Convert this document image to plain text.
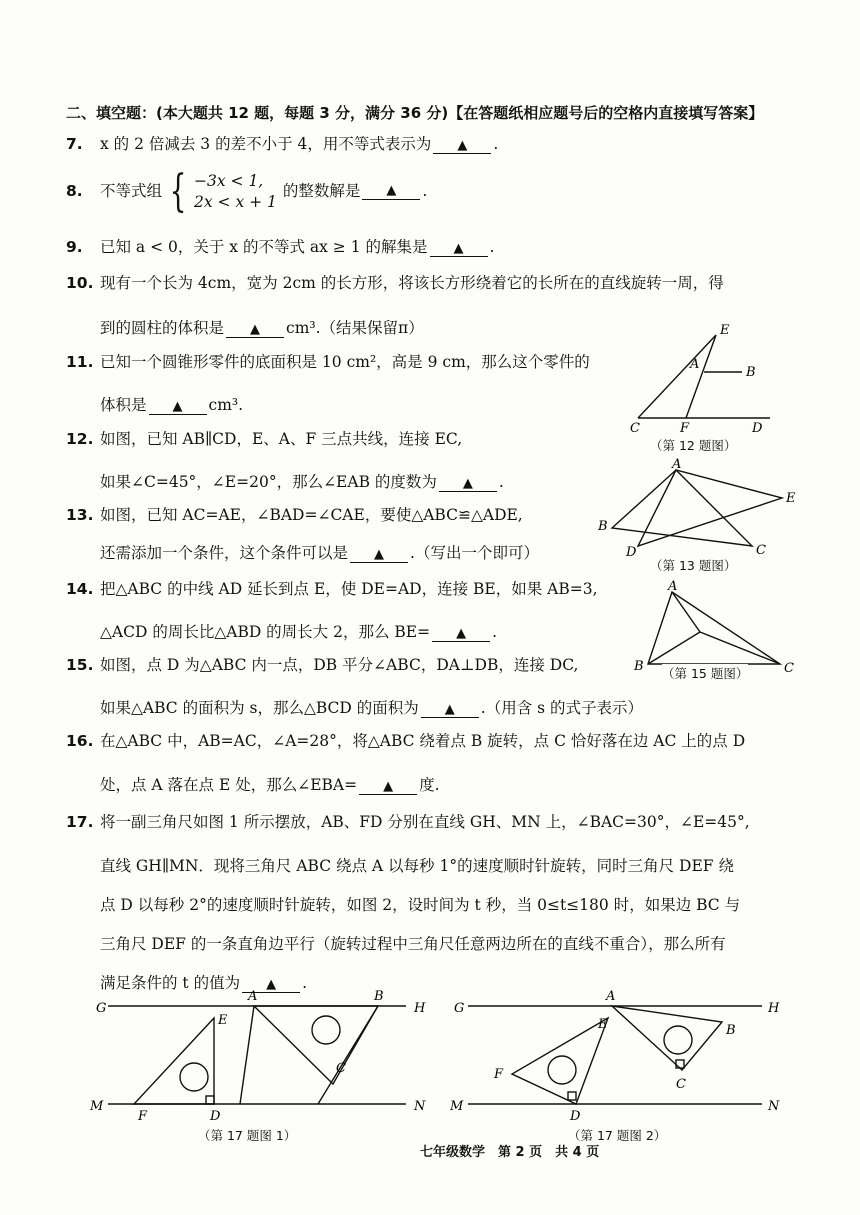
二、填空题：(本大题共 12 题，每题 3 分，满分 36 分)【在答题纸相应题号后的空格内直接填写答案】
7. x 的 2 倍减去 3 的差不小于 4，用不等式表示为 ▲ .
8.	不等式组 { −3x < 1,
2x < x + 1
的整数解是	▲	.
9. 已知 a < 0，关于 x 的不等式 ax ≥ 1 的解集是 ▲ .
10. 现有一个长为 4cm，宽为 2cm 的长方形，将该长方形绕着它的长所在的直线旋转一周，得
到的圆柱的体积是 ▲ cm³.（结果保留π）
11. 已知一个圆锥形零件的底面积是 10 cm²，高是 9 cm，那么这个零件的
体积是 ▲ cm³.
12. 如图，已知 AB∥CD，E、A、F 三点共线，连接 EC,
如果∠C=45°，∠E=20°，那么∠EAB 的度数为 ▲ .
13. 如图，已知 AC=AE，∠BAD=∠CAE，要使△ABC≌△ADE,
还需添加一个条件，这个条件可以是 ▲ .（写出一个即可）
14. 把△ABC 的中线 AD 延长到点 E，使 DE=AD，连接 BE，如果 AB=3,
△ACD 的周长比△ABD 的周长大 2，那么 BE= ▲ .
15. 如图，点 D 为△ABC 内一点，DB 平分∠ABC，DA⊥DB，连接 DC,
如果△ABC 的面积为 s，那么△BCD 的面积为 ▲ .（用含 s 的式子表示）
16. 在△ABC 中，AB=AC，∠A=28°，将△ABC 绕着点 B 旋转，点 C 恰好落在边 AC 上的点 D
处，点 A 落在点 E 处，那么∠EBA= ▲ 度.
17. 将一副三角尺如图 1 所示摆放，AB、FD 分别在直线 GH、MN 上，∠BAC=30°，∠E=45°,
直线 GH∥MN．现将三角尺 ABC 绕点 A 以每秒 1°的速度顺时针旋转，同时三角尺 DEF 绕
点 D 以每秒 2°的速度顺时针旋转，如图 2，设时间为 t 秒，当 0≤t≤180 时，如果边 BC 与
三角尺 DEF 的一条直角边平行（旋转过程中三角尺任意两边所在的直线不重合），那么所有
满足条件的 t 的值为 ▲ .
E
A
B
C	F	D
（第 12 题图）
A
E
B
D	C
（第 13 题图）
A
B	C
（第 15 题图）
G	H
A	B
E
C
M	N
F	D
（第 17 题图 1）
G	H
A
E	B
F
C
M	N
D
（第 17 题图 2）
七年级数学　第 2 页　共 4 页
